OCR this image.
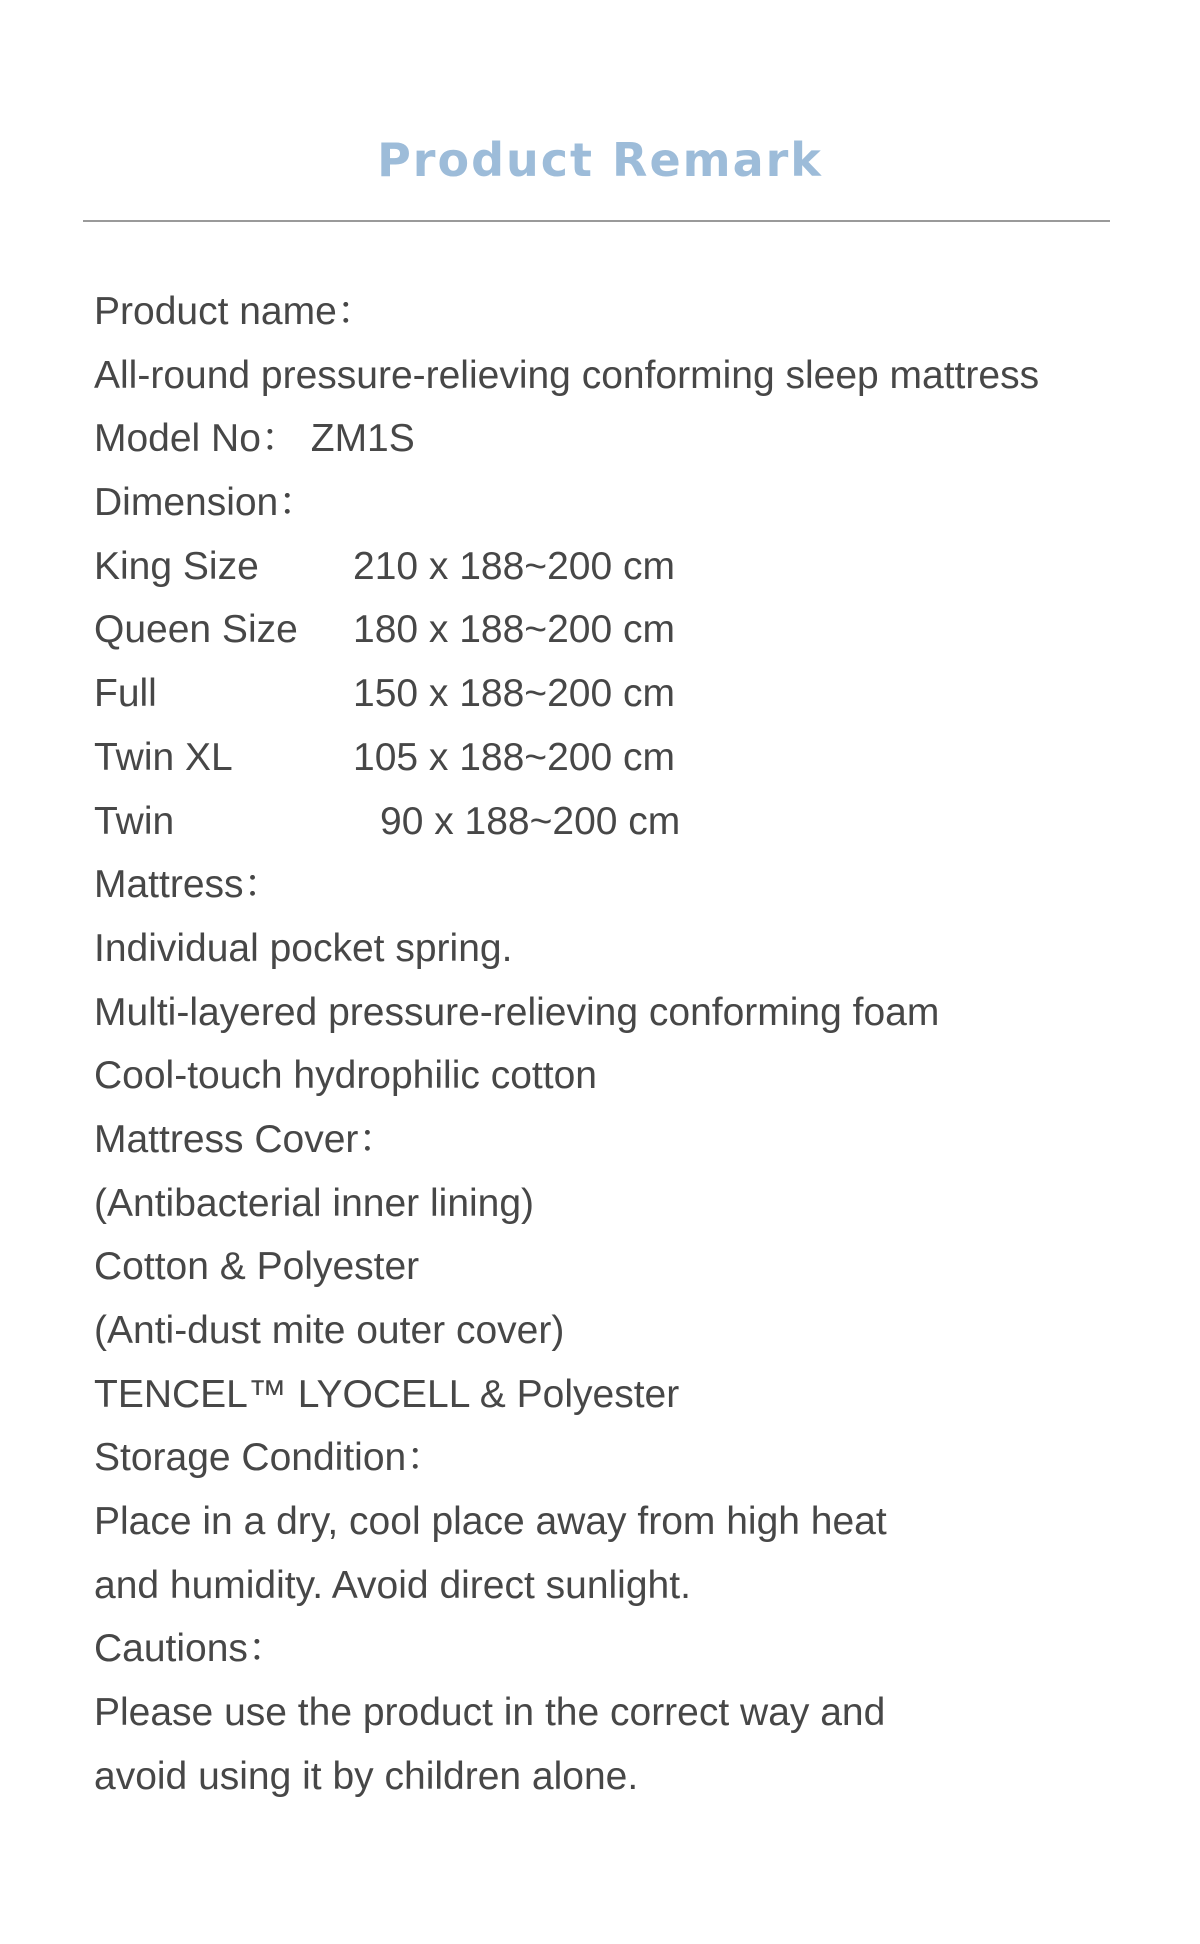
Product Remark
Product name：
All-round pressure-relieving conforming sleep mattress
Model No： ZM1S
Dimension：
King Size 210 x 188~200 cm
Queen Size 180 x 188~200 cm
Full	150 x 188~200 cm
Twin XL	105 x 188~200 cm
Twin	90 x 188~200 cm
Mattress：
Individual pocket spring.
Multi-layered pressure-relieving conforming foam
Cool-touch hydrophilic cotton
Mattress Cover：
(Antibacterial inner lining)
Cotton & Polyester
(Anti-dust mite outer cover)
TENCEL™ LYOCELL & Polyester
Storage Condition：
Place in a dry, cool place away from high heat
and humidity. Avoid direct sunlight.
Cautions：
Please use the product in the correct way and
avoid using it by children alone.
